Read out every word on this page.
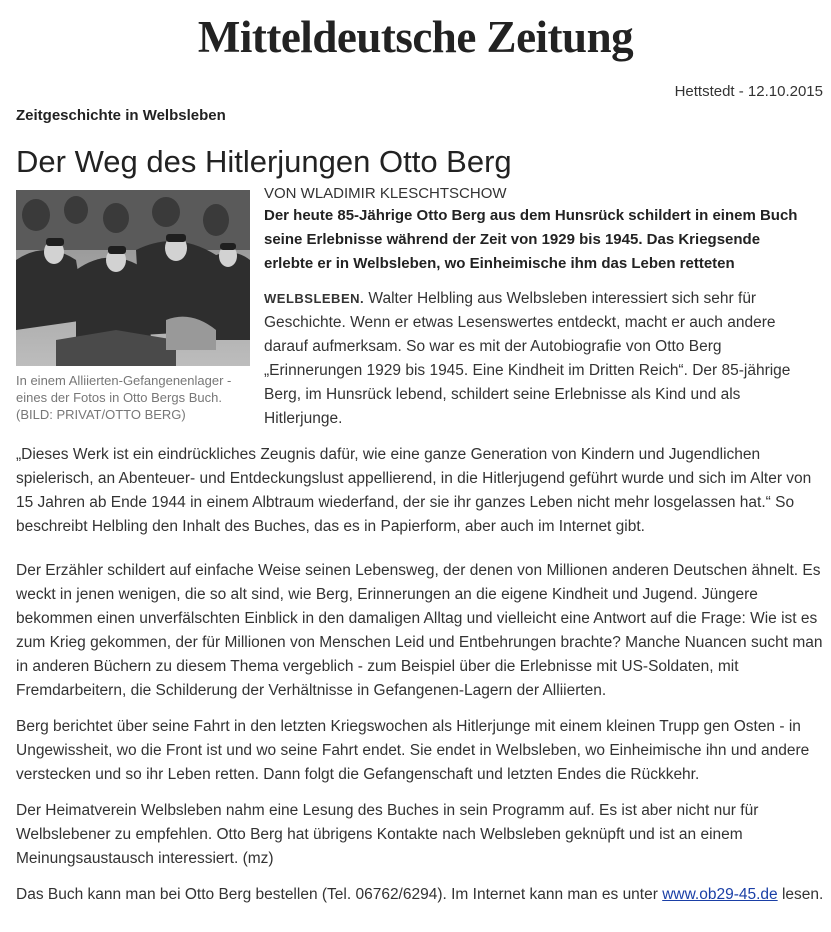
Mitteldeutsche Zeitung
Hettstedt - 12.10.2015
Zeitgeschichte in Welbsleben
Der Weg des Hitlerjungen Otto Berg
In einem Alliierten-Gefangenenlager - eines der Fotos in Otto Bergs Buch. (BILD: PRIVAT/OTTO BERG)
VON WLADIMIR KLESCHTSCHOW
Der heute 85-Jährige Otto Berg aus dem Hunsrück schildert in einem Buch seine Erlebnisse während der Zeit von 1929 bis 1945. Das Kriegsende erlebte er in Welbsleben, wo Einheimische ihm das Leben retteten
WELBSLEBEN. Walter Helbling aus Welbsleben interessiert sich sehr für Geschichte. Wenn er etwas Lesenswertes entdeckt, macht er auch andere darauf aufmerksam. So war es mit der Autobiografie von Otto Berg „Erinnerungen 1929 bis 1945. Eine Kindheit im Dritten Reich“. Der 85-jährige Berg, im Hunsrück lebend, schildert seine Erlebnisse als Kind und als Hitlerjunge.

„Dieses Werk ist ein eindrückliches Zeugnis dafür, wie eine ganze Generation von Kindern und Jugendlichen spielerisch, an Abenteuer- und Entdeckungslust appellierend, in die Hitlerjugend geführt wurde und sich im Alter von 15 Jahren ab Ende 1944 in einem Albtraum wiederfand, der sie ihr ganzes Leben nicht mehr losgelassen hat.“ So beschreibt Helbling den Inhalt des Buches, das es in Papierform, aber auch im Internet gibt.

Der Erzähler schildert auf einfache Weise seinen Lebensweg, der denen von Millionen anderen Deutschen ähnelt. Es weckt in jenen wenigen, die so alt sind, wie Berg, Erinnerungen an die eigene Kindheit und Jugend. Jüngere bekommen einen unverfälschten Einblick in den damaligen Alltag und vielleicht eine Antwort auf die Frage: Wie ist es zum Krieg gekommen, der für Millionen von Menschen Leid und Entbehrungen brachte? Manche Nuancen sucht man in anderen Büchern zu diesem Thema vergeblich - zum Beispiel über die Erlebnisse mit US-Soldaten, mit Fremdarbeitern, die Schilderung der Verhältnisse in Gefangenen-Lagern der Alliierten.

Berg berichtet über seine Fahrt in den letzten Kriegswochen als Hitlerjunge mit einem kleinen Trupp gen Osten - in Ungewissheit, wo die Front ist und wo seine Fahrt endet. Sie endet in Welbsleben, wo Einheimische ihn und andere verstecken und so ihr Leben retten. Dann folgt die Gefangenschaft und letzten Endes die Rückkehr.

Der Heimatverein Welbsleben nahm eine Lesung des Buches in sein Programm auf. Es ist aber nicht nur für Welbslebener zu empfehlen. Otto Berg hat übrigens Kontakte nach Welbsleben geknüpft und ist an einem Meinungsaustausch interessiert. (mz)

Das Buch kann man bei Otto Berg bestellen (Tel. 06762/6294). Im Internet kann man es unter www.ob29-45.de lesen.
